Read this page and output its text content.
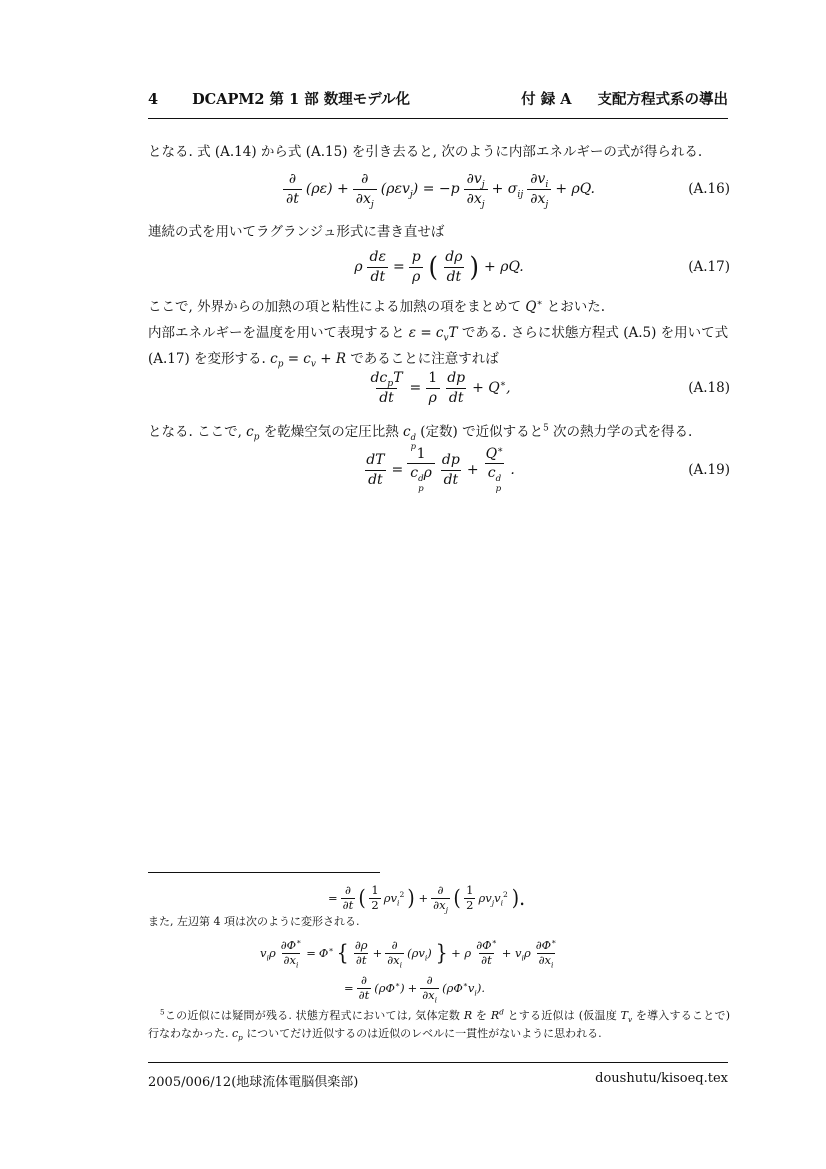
4 DCAPM2 第 1 部 数理モデル化	付 録 A 支配方程式系の導出
となる. 式 (A.14) から式 (A.15) を引き去ると, 次のように内部エネルギーの式が得られる.
$\frac{\partial}{\partial t} (\rho\varepsilon) + \frac{\partial}{\partial x_j} (\rho\varepsilon v_j) = -p \frac{\partial v_j}{\partial x_j} + \sigma_{ij} \frac{\partial v_i}{\partial x_j} + \rho Q$.	(A.16)
連続の式を用いてラグランジュ形式に書き直せば
ρ $\frac{d\varepsilon}{dt} = \frac{p}{\rho}$ ( $\frac{d\rho}{dt}$ ) + ρQ.	(A.17)
ここで, 外界からの加熱の項と粘性による加熱の項をまとめて Q∗ とおいた.
内部エネルギーを温度を用いて表現すると $\varepsilon = c_vT$ である. さらに状態方程式 (A.5) を用いて式
(A.17) を変形する. $c_p = c_v + R$ であることに注意すれば
$\frac{dc_pT}{dt} = \frac{1}{\rho} \frac{dp}{dt} + Q^∗$,	(A.18)
となる. ここで, $c_p$ を乾燥空気の定圧比熱 c d
p
(定数) で近似すると$^5$ 次の熱力学の式を得る.
$\frac{dT}{dt} = 1$
c d
p
ρ $\frac{dp}{dt} + Q^∗$
c d
p .	(A.19)
= $\frac{\partial}{\partial t}$ ( $\frac{1}{2} \rho v_i^2$ ) + $\frac{\partial}{\partial x_j}$ ( $\frac{1}{2} \rho v_jv_i^2$ ).
また, 左辺第 4 項は次のように変形される.
$v_i\rho \frac{\partial\Phi^∗}{\partial x_i} = \Phi^∗$ { $\frac{\partial\rho}{\partial t} + \frac{\partial}{\partial x_i} (\rho v_i)$ } + ρ $\frac{\partial\Phi^∗}{\partial t} + v_i\rho \frac{\partial\Phi^∗}{\partial x_i}$
= $\frac{\partial}{\partial t} (\rho\Phi^∗) + \frac{\partial}{\partial x_i} (\rho\Phi^∗v_i)$.
$^5$この近似には疑問が残る. 状態方程式においては, 気体定数 R を $R^d$ とする近似は (仮温度 $T_v$ を導入することで) 行なわなかった. $c_p$ についてだけ近似するのは近似のレベルに一貫性がないように思われる.
2005/006/12(地球流体電脳倶楽部)	doushutu/kisoeq.tex
